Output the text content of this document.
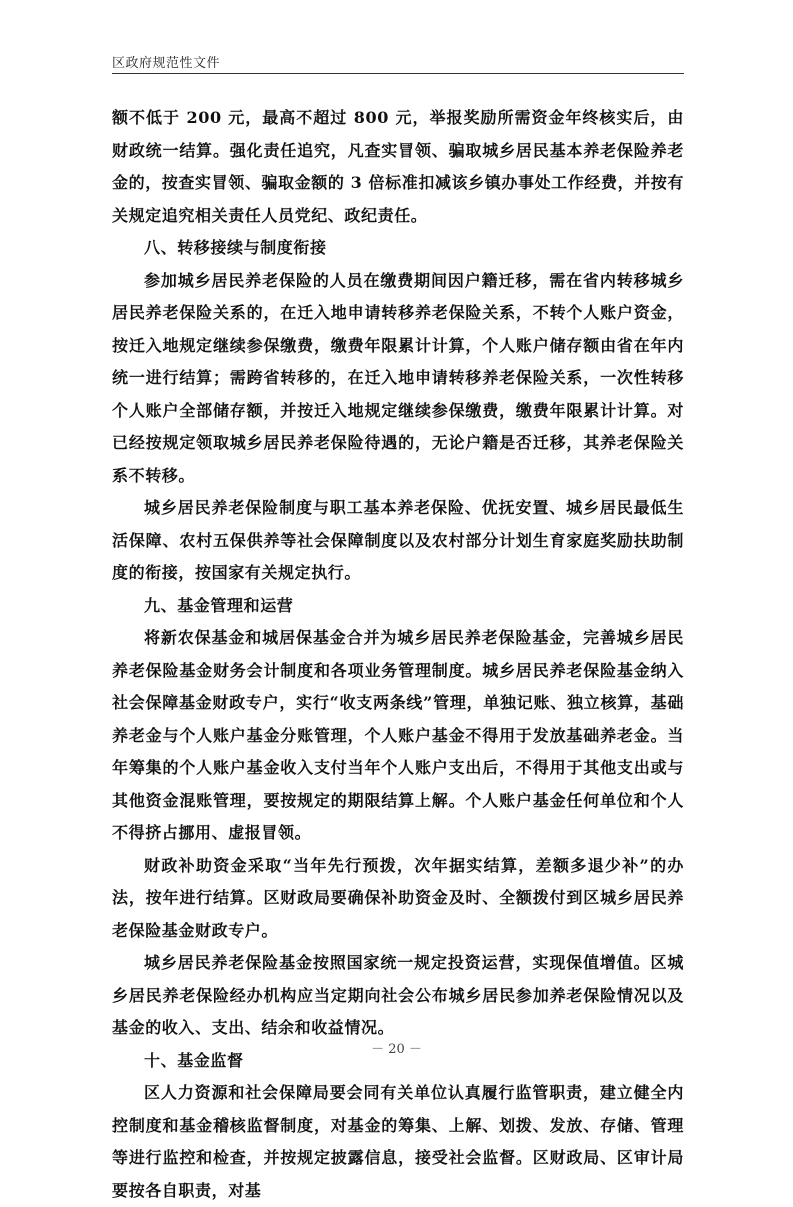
区政府规范性文件

额不低于 200 元，最高不超过 800 元，举报奖励所需资金年终核实后，由财政统一结算。强化责任追究，凡查实冒领、骗取城乡居民基本养老保险养老金的，按查实冒领、骗取金额的 3 倍标准扣减该乡镇办事处工作经费，并按有关规定追究相关责任人员党纪、政纪责任。

八、转移接续与制度衔接

参加城乡居民养老保险的人员在缴费期间因户籍迁移，需在省内转移城乡居民养老保险关系的，在迁入地申请转移养老保险关系，不转个人账户资金，按迁入地规定继续参保缴费，缴费年限累计计算，个人账户储存额由省在年内统一进行结算；需跨省转移的，在迁入地申请转移养老保险关系，一次性转移个人账户全部储存额，并按迁入地规定继续参保缴费，缴费年限累计计算。对已经按规定领取城乡居民养老保险待遇的，无论户籍是否迁移，其养老保险关系不转移。

城乡居民养老保险制度与职工基本养老保险、优抚安置、城乡居民最低生活保障、农村五保供养等社会保障制度以及农村部分计划生育家庭奖励扶助制度的衔接，按国家有关规定执行。

九、基金管理和运营

将新农保基金和城居保基金合并为城乡居民养老保险基金，完善城乡居民养老保险基金财务会计制度和各项业务管理制度。城乡居民养老保险基金纳入社会保障基金财政专户，实行“收支两条线”管理，单独记账、独立核算，基础养老金与个人账户基金分账管理，个人账户基金不得用于发放基础养老金。当年筹集的个人账户基金收入支付当年个人账户支出后，不得用于其他支出或与其他资金混账管理，要按规定的期限结算上解。个人账户基金任何单位和个人不得挤占挪用、虚报冒领。

财政补助资金采取“当年先行预拨，次年据实结算，差额多退少补”的办法，按年进行结算。区财政局要确保补助资金及时、全额拨付到区城乡居民养老保险基金财政专户。

城乡居民养老保险基金按照国家统一规定投资运营，实现保值增值。区城乡居民养老保险经办机构应当定期向社会公布城乡居民参加养老保险情况以及基金的收入、支出、结余和收益情况。

十、基金监督

区人力资源和社会保障局要会同有关单位认真履行监管职责，建立健全内控制度和基金稽核监督制度，对基金的筹集、上解、划拨、发放、存储、管理等进行监控和检查，并按规定披露信息，接受社会监督。区财政局、区审计局要按各自职责，对基

－ 20 －
